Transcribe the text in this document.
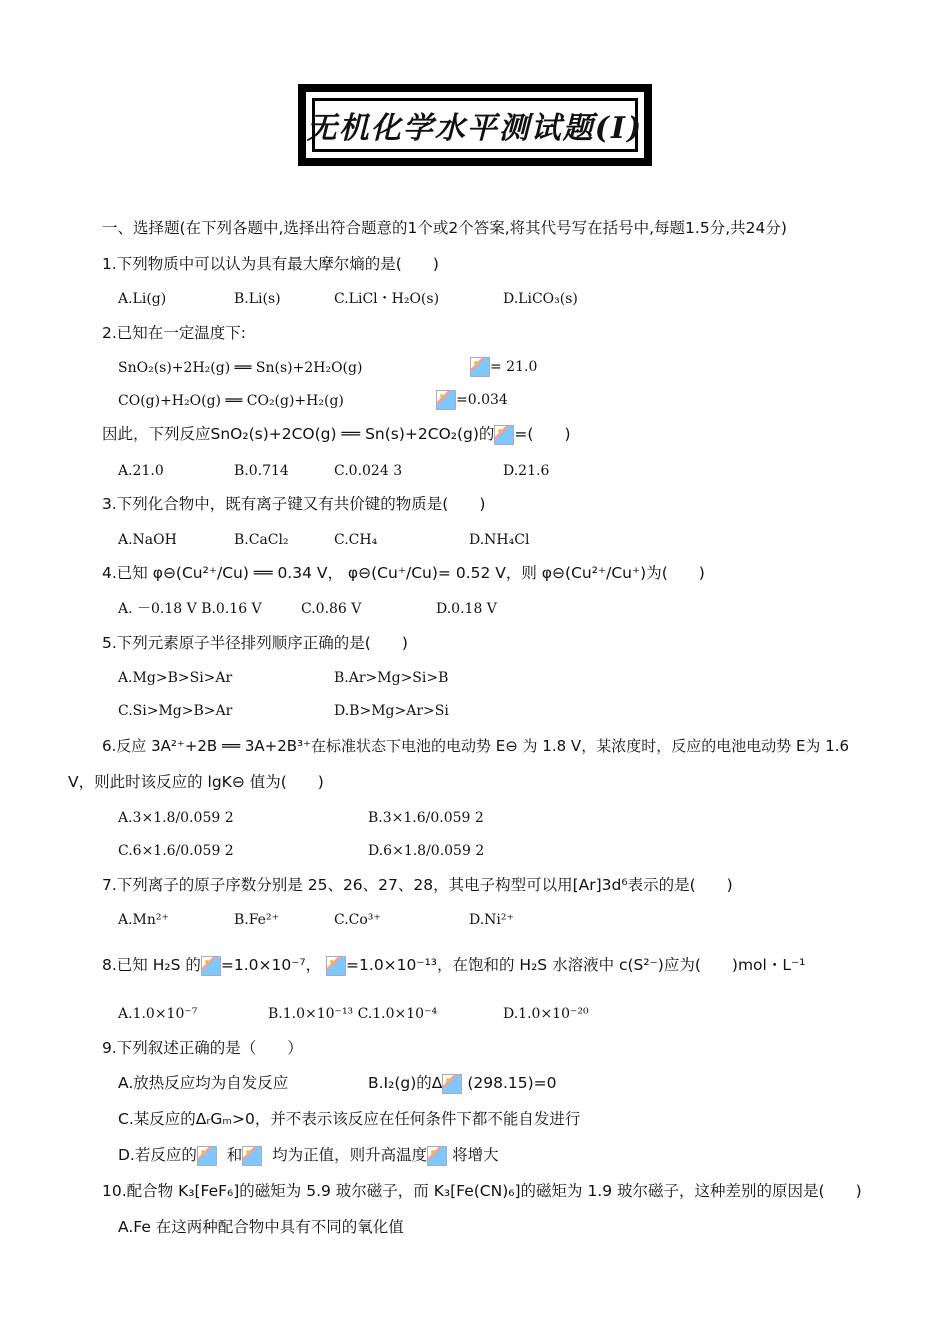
无机化学水平测试题(Ⅰ)
一、选择题(在下列各题中,选择出符合题意的1个或2个答案,将其代号写在括号中,每题1.5分,共24分)
1.下列物质中可以认为具有最大摩尔熵的是(　　)
A.Li(g)	B.Li(s)	C.LiCl・H₂O(s)	D.LiCO₃(s)
2.已知在一定温度下:
SnO₂(s)+2H₂(g) ══ Sn(s)+2H₂O(g)	= 21.0
CO(g)+H₂O(g) ══ CO₂(g)+H₂(g)	=0.034
因此，下列反应SnO₂(s)+2CO(g) ══ Sn(s)+2CO₂(g)的 =(　　)
A.21.0	B.0.714	C.0.024 3	D.21.6
3.下列化合物中，既有离子键又有共价键的物质是(　　)
A.NaOH	B.CaCl₂	C.CH₄	D.NH₄Cl
4.已知 φ⊖(Cu²⁺/Cu) ══ 0.34 V， φ⊖(Cu⁺/Cu)= 0.52 V，则 φ⊖(Cu²⁺/Cu⁺)为(　　)
A. －0.18 V B.0.16 V	C.0.86 V	D.0.18 V
5.下列元素原子半径排列顺序正确的是(　　)
A.Mg>B>Si>Ar	B.Ar>Mg>Si>B
C.Si>Mg>B>Ar	D.B>Mg>Ar>Si
6.反应 3A²⁺+2B ══ 3A+2B³⁺在标准状态下电池的电动势 E⊖ 为 1.8 V，某浓度时，反应的电池电动势 E为 1.6
V，则此时该反应的 lgK⊖ 值为(　　)
A.3×1.8/0.059 2	B.3×1.6/0.059 2
C.6×1.6/0.059 2	D.6×1.8/0.059 2
7.下列离子的原子序数分别是 25、26、27、28，其电子构型可以用[Ar]3d⁶表示的是(　　)
A.Mn²⁺	B.Fe²⁺	C.Co³⁺	D.Ni²⁺
8.已知 H₂S 的 =1.0×10⁻⁷， =1.0×10⁻¹³，在饱和的 H₂S 水溶液中 c(S²⁻)应为(　　)mol・L⁻¹
A.1.0×10⁻⁷	B.1.0×10⁻¹³ C.1.0×10⁻⁴	D.1.0×10⁻²⁰
9.下列叙述正确的是（　　）
A.放热反应均为自发反应	B.I₂(g)的Δ (298.15)=0
C.某反应的ΔᵣGₘ>0，并不表示该反应在任何条件下都不能自发进行
D.若反应的 和 均为正值，则升高温度 将增大
10.配合物 K₃[FeF₆]的磁矩为 5.9 玻尔磁子，而 K₃[Fe(CN)₆]的磁矩为 1.9 玻尔磁子，这种差别的原因是(　　)
A.Fe 在这两种配合物中具有不同的氧化值
